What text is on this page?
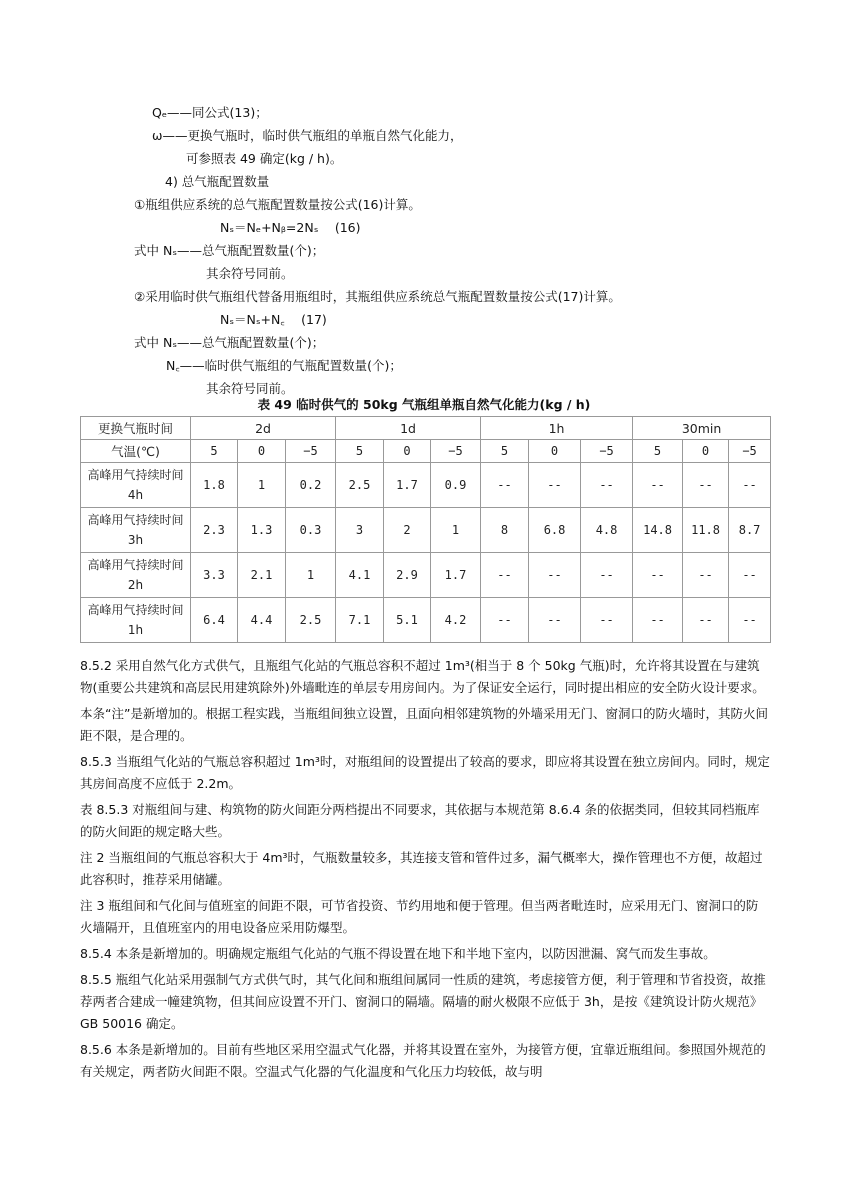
Qₑ——同公式(13)；
ω——更换气瓶时，临时供气瓶组的单瓶自然气化能力，
可参照表 49 确定(kg / h)。
4) 总气瓶配置数量
①瓶组供应系统的总气瓶配置数量按公式(16)计算。
Nₛ＝Nₑ+Nᵦ=2Nₛ　 (16)
式中 Nₛ——总气瓶配置数量(个)；
其余符号同前。
②采用临时供气瓶组代替备用瓶组时，其瓶组供应系统总气瓶配置数量按公式(17)计算。
Nₛ＝Nₛ+N꜀　 (17)
式中 Nₛ——总气瓶配置数量(个)；
N꜀——临时供气瓶组的气瓶配置数量(个)；
其余符号同前。
表 49 临时供气的 50kg 气瓶组单瓶自然气化能力(kg / h)
更换气瓶时间	2d			1d			1h			30min		
气温(℃)	5	0	−5	5	0	−5	5	0	−5	5	0	−5
高峰用气持续时间 4h	1.8	1	0.2	2.5	1.7	0.9	--	--	--	--	--	--
高峰用气持续时间 3h	2.3	1.3	0.3	3	2	1	8	6.8	4.8	14.8	11.8	8.7
高峰用气持续时间 2h	3.3	2.1	1	4.1	2.9	1.7	--	--	--	--	--	--
高峰用气持续时间 1h	6.4	4.4	2.5	7.1	5.1	4.2	--	--	--	--	--	--

8.5.2 采用自然气化方式供气，且瓶组气化站的气瓶总容积不超过 1m³(相当于 8 个 50kg 气瓶)时，允许将其设置在与建筑物(重要公共建筑和高层民用建筑除外)外墙毗连的单层专用房间内。为了保证安全运行，同时提出相应的安全防火设计要求。

本条“注”是新增加的。根据工程实践，当瓶组间独立设置，且面向相邻建筑物的外墙采用无门、窗洞口的防火墙时，其防火间距不限，是合理的。

8.5.3 当瓶组气化站的气瓶总容积超过 1m³时，对瓶组间的设置提出了较高的要求，即应将其设置在独立房间内。同时，规定其房间高度不应低于 2.2m。

表 8.5.3 对瓶组间与建、构筑物的防火间距分两档提出不同要求，其依据与本规范第 8.6.4 条的依据类同，但较其同档瓶库的防火间距的规定略大些。

注 2 当瓶组间的气瓶总容积大于 4m³时，气瓶数量较多，其连接支管和管件过多，漏气概率大，操作管理也不方便，故超过此容积时，推荐采用储罐。

注 3 瓶组间和气化间与值班室的间距不限，可节省投资、节约用地和便于管理。但当两者毗连时，应采用无门、窗洞口的防火墙隔开，且值班室内的用电设备应采用防爆型。

8.5.4 本条是新增加的。明确规定瓶组气化站的气瓶不得设置在地下和半地下室内，以防因泄漏、窝气而发生事故。

8.5.5 瓶组气化站采用强制气方式供气时，其气化间和瓶组间属同一性质的建筑，考虑接管方便，利于管理和节省投资，故推荐两者合建成一幢建筑物，但其间应设置不开门、窗洞口的隔墙。隔墙的耐火极限不应低于 3h，是按《建筑设计防火规范》 GB 50016 确定。

8.5.6 本条是新增加的。目前有些地区采用空温式气化器，并将其设置在室外，为接管方便，宜靠近瓶组间。参照国外规范的有关规定，两者防火间距不限。空温式气化器的气化温度和气化压力均较低，故与明
